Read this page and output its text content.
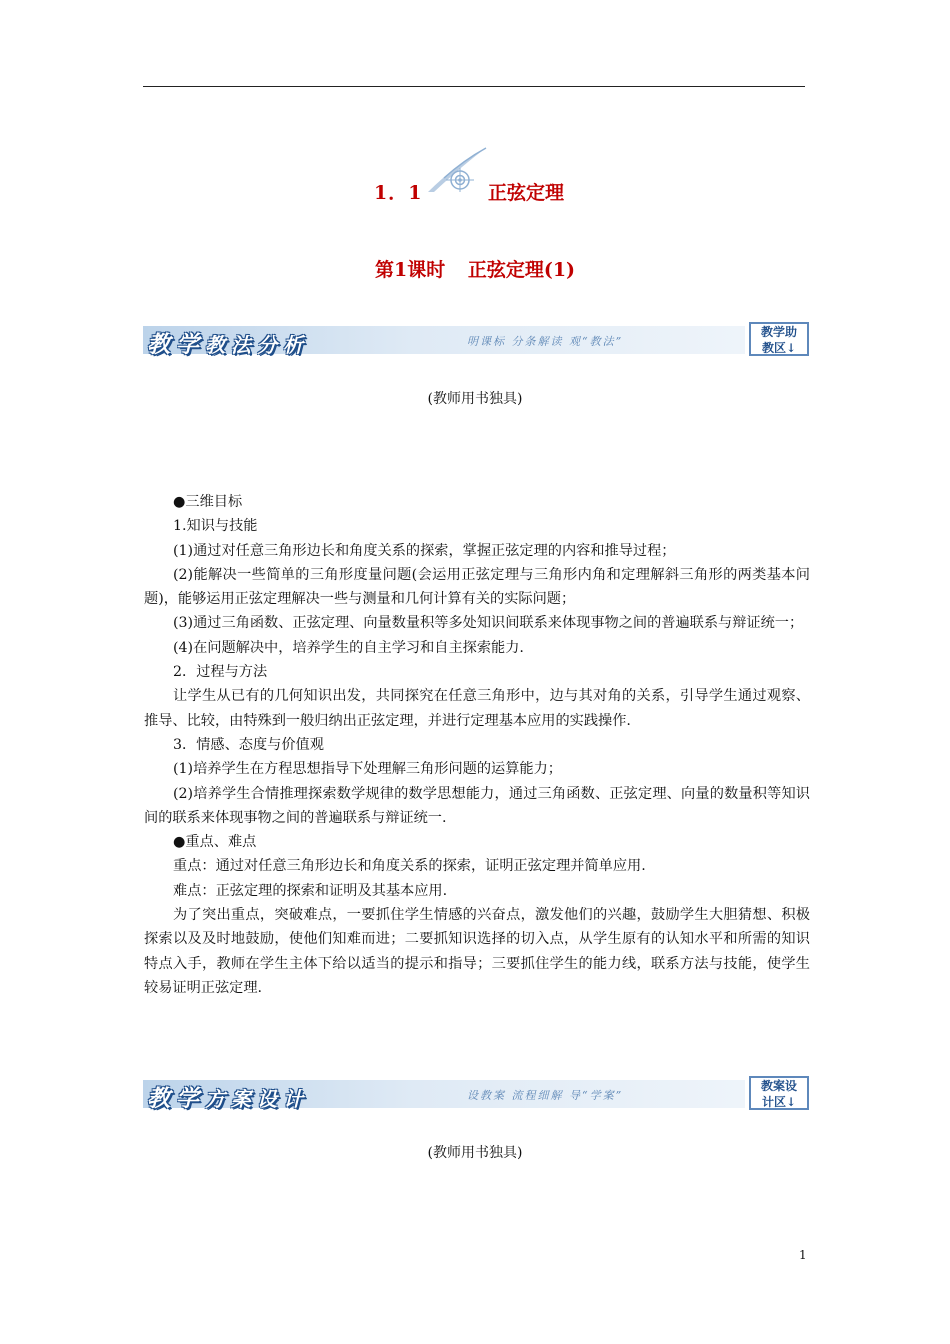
1．1	正弦定理
第1课时 正弦定理(1)
教学教法分析	明课标 分条解读 观“教法”
教学助
教区↓
(教师用书独具)

●三维目标

1.知识与技能

(1)通过对任意三角形边长和角度关系的探索，掌握正弦定理的内容和推导过程；

(2)能解决一些简单的三角形度量问题(会运用正弦定理与三角形内角和定理解斜三角形的两类基本问题)，能够运用正弦定理解决一些与测量和几何计算有关的实际问题；

(3)通过三角函数、正弦定理、向量数量积等多处知识间联系来体现事物之间的普遍联系与辩证统一；

(4)在问题解决中，培养学生的自主学习和自主探索能力.

2．过程与方法

让学生从已有的几何知识出发，共同探究在任意三角形中，边与其对角的关系，引导学生通过观察、推导、比较，由特殊到一般归纳出正弦定理，并进行定理基本应用的实践操作.

3．情感、态度与价值观

(1)培养学生在方程思想指导下处理解三角形问题的运算能力；

(2)培养学生合情推理探索数学规律的数学思想能力，通过三角函数、正弦定理、向量的数量积等知识间的联系来体现事物之间的普遍联系与辩证统一.

●重点、难点

重点：通过对任意三角形边长和角度关系的探索，证明正弦定理并简单应用.

难点：正弦定理的探索和证明及其基本应用.

为了突出重点，突破难点，一要抓住学生情感的兴奋点，激发他们的兴趣，鼓励学生大胆猜想、积极探索以及及时地鼓励，使他们知难而进；二要抓知识选择的切入点，从学生原有的认知水平和所需的知识特点入手，教师在学生主体下给以适当的提示和指导；三要抓住学生的能力线，联系方法与技能，使学生较易证明正弦定理.

教学方案设计	设教案 流程细解 导“学案”
教案设
计区↓
(教师用书独具)
1
